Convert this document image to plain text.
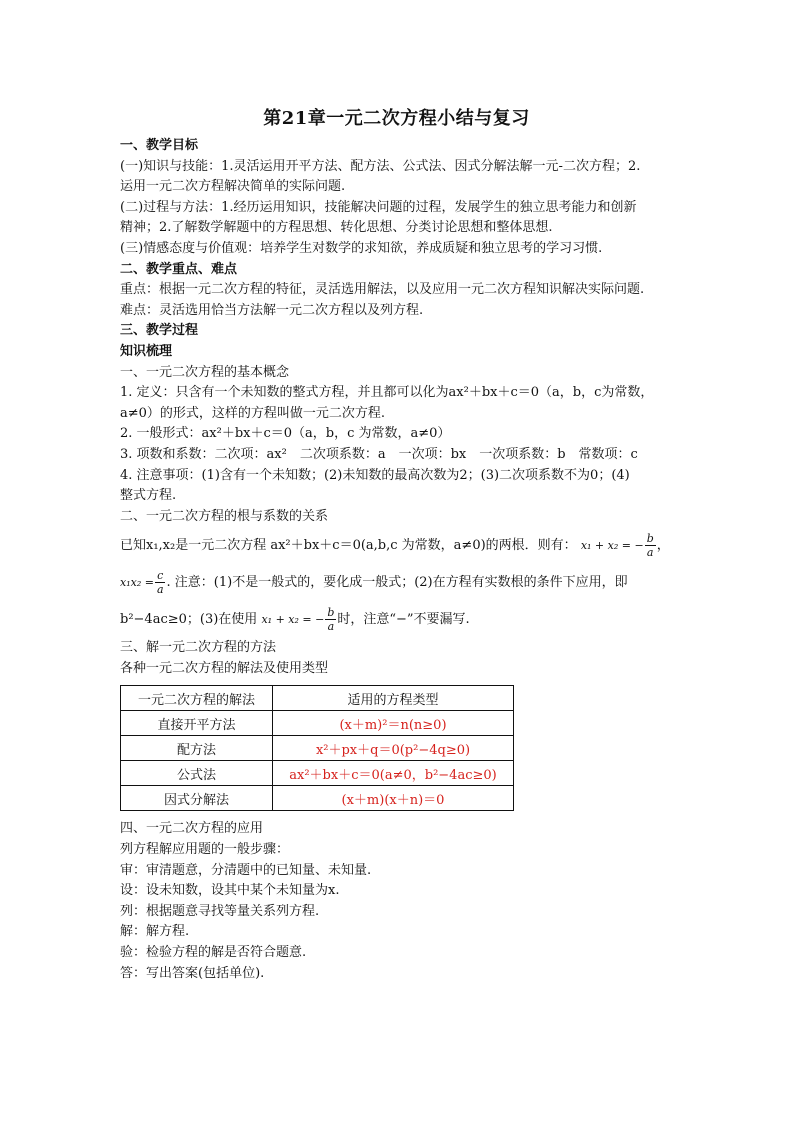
第21章一元二次方程小结与复习
一、教学目标
(一)知识与技能：1.灵活运用开平方法、配方法、公式法、因式分解法解一元-二次方程；2.
运用一元二次方程解决简单的实际问题.
(二)过程与方法：1.经历运用知识，技能解决问题的过程，发展学生的独立思考能力和创新
精神；2.了解数学解题中的方程思想、转化思想、分类讨论思想和整体思想.
(三)情感态度与价值观：培养学生对数学的求知欲，养成质疑和独立思考的学习习惯.
二、教学重点、难点
重点：根据一元二次方程的特征，灵活选用解法，以及应用一元二次方程知识解决实际问题.
难点：灵活选用恰当方法解一元二次方程以及列方程.
三、教学过程
知识梳理
一、一元二次方程的基本概念
1. 定义：只含有一个未知数的整式方程，并且都可以化为ax²＋bx＋c＝0（a，b，c为常数，
a≠0）的形式，这样的方程叫做一元二次方程.
2. 一般形式：ax²＋bx＋c＝0（a，b，c 为常数，a≠0）
3. 项数和系数：二次项：ax²　二次项系数：a　一次项：bx　一次项系数：b　常数项：c
4. 注意事项：(1)含有一个未知数；(2)未知数的最高次数为2；(3)二次项系数不为0；(4)
整式方程.
二、一元二次方程的根与系数的关系
已知x₁,x₂是一元二次方程 ax²＋bx＋c＝0(a,b,c 为常数，a≠0)的两根．则有： x₁ + x₂ = − $\frac{b}{a}$ ，
$x_1x_2 = \frac{c}{a}$ . 注意：(1)不是一般式的，要化成一般式；(2)在方程有实数根的条件下应用，即
b²−4ac≥0；(3)在使用 x₁ + x₂ = − $\frac{b}{a}$ 时，注意“−”不要漏写.
三、解一元二次方程的方法
各种一元二次方程的解法及使用类型
一元二次方程的解法	适用的方程类型
直接开平方法	(x＋m)²＝n(n≥0)
配方法	x²＋px＋q＝0(p²−4q≥0)
公式法	ax²＋bx＋c＝0(a≠0，b²−4ac≥0)
因式分解法	(x＋m)(x＋n)＝0
四、一元二次方程的应用
列方程解应用题的一般步骤：
审：审清题意，分清题中的已知量、未知量.
设：设未知数，设其中某个未知量为x.
列：根据题意寻找等量关系列方程.
解：解方程.
验：检验方程的解是否符合题意.
答：写出答案(包括单位).
